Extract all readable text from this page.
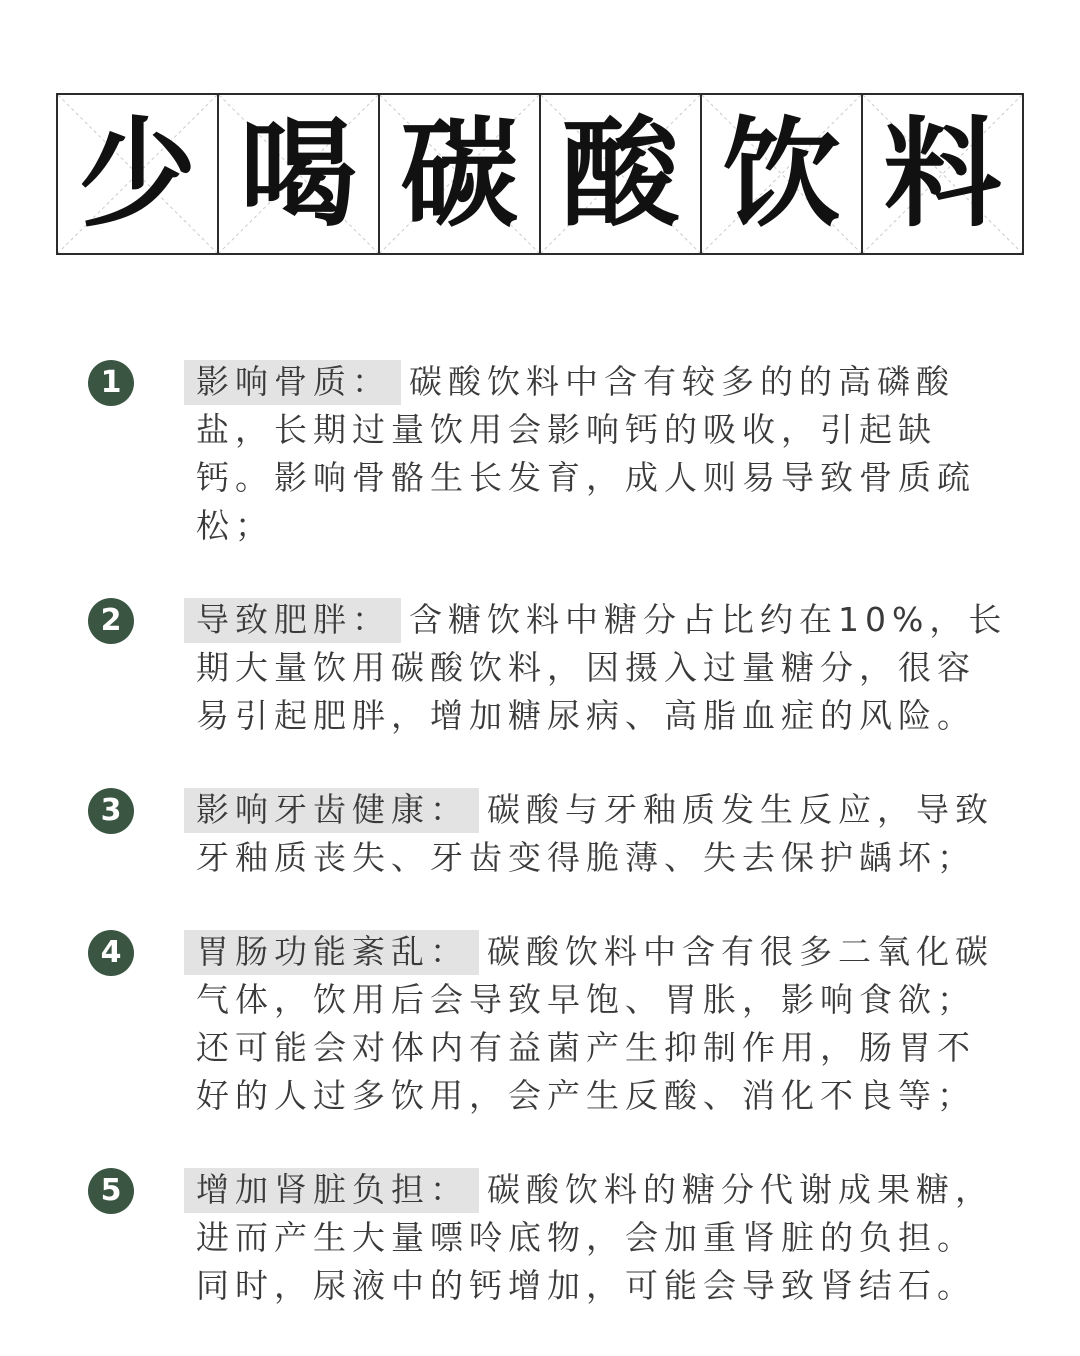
少 喝 碳 酸 饮 料
1	影响骨质： 碳酸饮料中含有较多的的高磷酸盐，长期过量饮用会影响钙的吸收，引起缺钙。影响骨骼生长发育，成人则易导致骨质疏松；

2	导致肥胖： 含糖饮料中糖分占比约在10%，长期大量饮用碳酸饮料，因摄入过量糖分，很容易引起肥胖，增加糖尿病、高脂血症的风险。

3	影响牙齿健康： 碳酸与牙釉质发生反应，导致牙釉质丧失、牙齿变得脆薄、失去保护龋坏；

4	胃肠功能紊乱： 碳酸饮料中含有很多二氧化碳气体，饮用后会导致早饱、胃胀，影响食欲；还可能会对体内有益菌产生抑制作用，肠胃不好的人过多饮用，会产生反酸、消化不良等；

5	增加肾脏负担： 碳酸饮料的糖分代谢成果糖，进而产生大量嘌呤底物，会加重肾脏的负担。同时，尿液中的钙增加，可能会导致肾结石。
